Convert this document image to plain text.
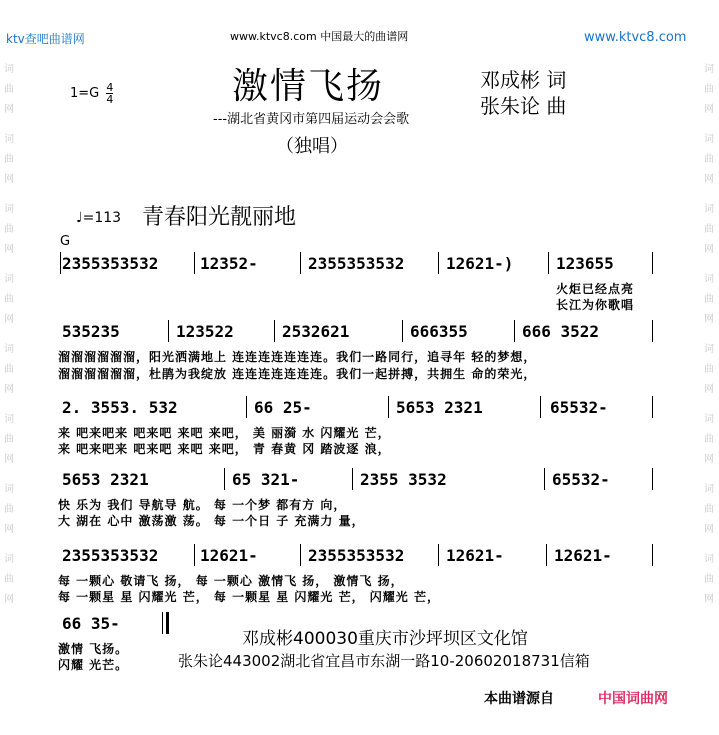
ktv查吧曲谱网	www.ktvc8.com 中国最大的曲谱网	www.ktvc8.com
词
曲
网
词
曲
网
词
曲
网
词
曲
网
词
曲
网
词
曲
网
词
曲
网
词
曲
网
词
曲
网
词
曲
网
词
曲
网
词
曲
网
词
曲
网
词
曲
网
词
曲
网
词
曲
网
$1=G \frac{4}{4}$	激情飞扬	邓成彬 词
张朱论 曲
---湖北省黄冈市第四届运动会会歌
（独唱）
♩=113 青春阳光靓丽地
G
2355353532	12352-	2355353532	12621-)	123655
火炬已经点亮
长江为你歌唱
535235	123522	2532621	666355	666 3522
溜溜溜溜溜溜，阳光洒满地上 连连连连连连连。我们一路同行，追寻年 轻的梦想，
溜溜溜溜溜溜，杜鹃为我绽放 连连连连连连连。我们一起拼搏，共拥生 命的荣光，
2. 3553. 532	66 25-	5653 2321	65532-
来 吧来吧来 吧来吧 来吧 来吧， 美 丽漪 水 闪耀光 芒，
来 吧来吧来 吧来吧 来吧 来吧， 青 春黄 冈 踏波逐 浪，
5653 2321	65 321-	2355 3532	65532-
快 乐为 我们 导航导 航。 每 一个梦 都有方 向，
大 湖在 心中 激荡激 荡。 每 一个日 子 充满力 量，
2355353532	12621-	2355353532	12621-	12621-
每 一颗心 敬请飞 扬， 每 一颗心 激情飞 扬， 激情飞 扬，
每 一颗星 星 闪耀光 芒， 每 一颗星 星 闪耀光 芒， 闪耀光 芒，
66 35-
激情 飞扬。
闪耀 光芒。
邓成彬400030重庆市沙坪坝区文化馆
张朱论443002湖北省宜昌市东湖一路10-20602018731信箱
本曲谱源自	中国词曲网
